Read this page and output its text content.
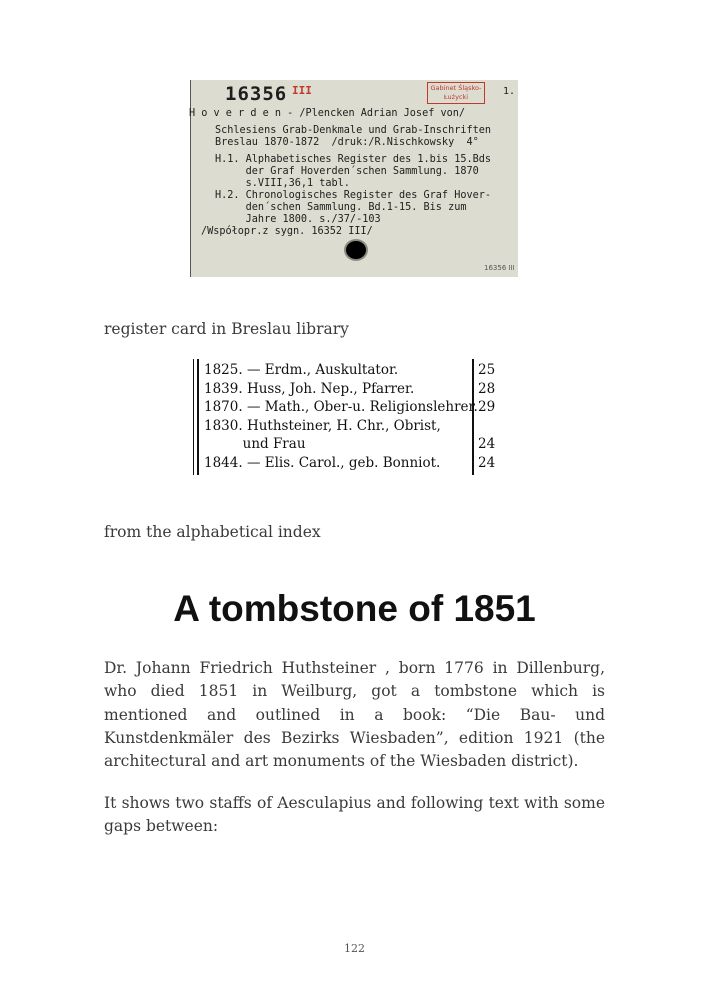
16356 III	Gabinet Śląsko-Łużycki	1.
H o v e r d e n - /Plencken Adrian Josef von/
Schlesiens Grab-Denkmale und Grab-Inschriften
Breslau 1870-1872  /druk:/R.Nischkowsky  4°
H.1. Alphabetisches Register des 1.bis 15.Bds
der Graf Hoverden´schen Sammlung. 1870
s.VIII,36,1 tabl.
H.2. Chronologisches Register des Graf Hover-
den´schen Sammlung. Bd.1-15. Bis zum
Jahre 1800. s./37/-103
/Współopr.z sygn. 16352 III/
16356 III
register card in Breslau library
1825. — Erdm., Auskultator.	25
1839. Huss, Joh. Nep., Pfarrer.	28
1870. — Math., Ober-u. Religionslehrer. 29
1830. Huthsteiner, H. Chr., Obrist,
und Frau	24
1844. — Elis. Carol., geb. Bonniot.	24
from the alphabetical index
A tombstone of 1851
Dr. Johann Friedrich Huthsteiner , born 1776 in Dillenburg, who died 1851 in Weilburg, got a tombstone which is mentioned and outlined in a book: “Die Bau- und Kunstdenkmäler des Bezirks Wiesbaden”, edition 1921 (the architectural and art monuments of the Wiesbaden district).
It shows two staffs of Aesculapius and following text with some gaps between:
122
